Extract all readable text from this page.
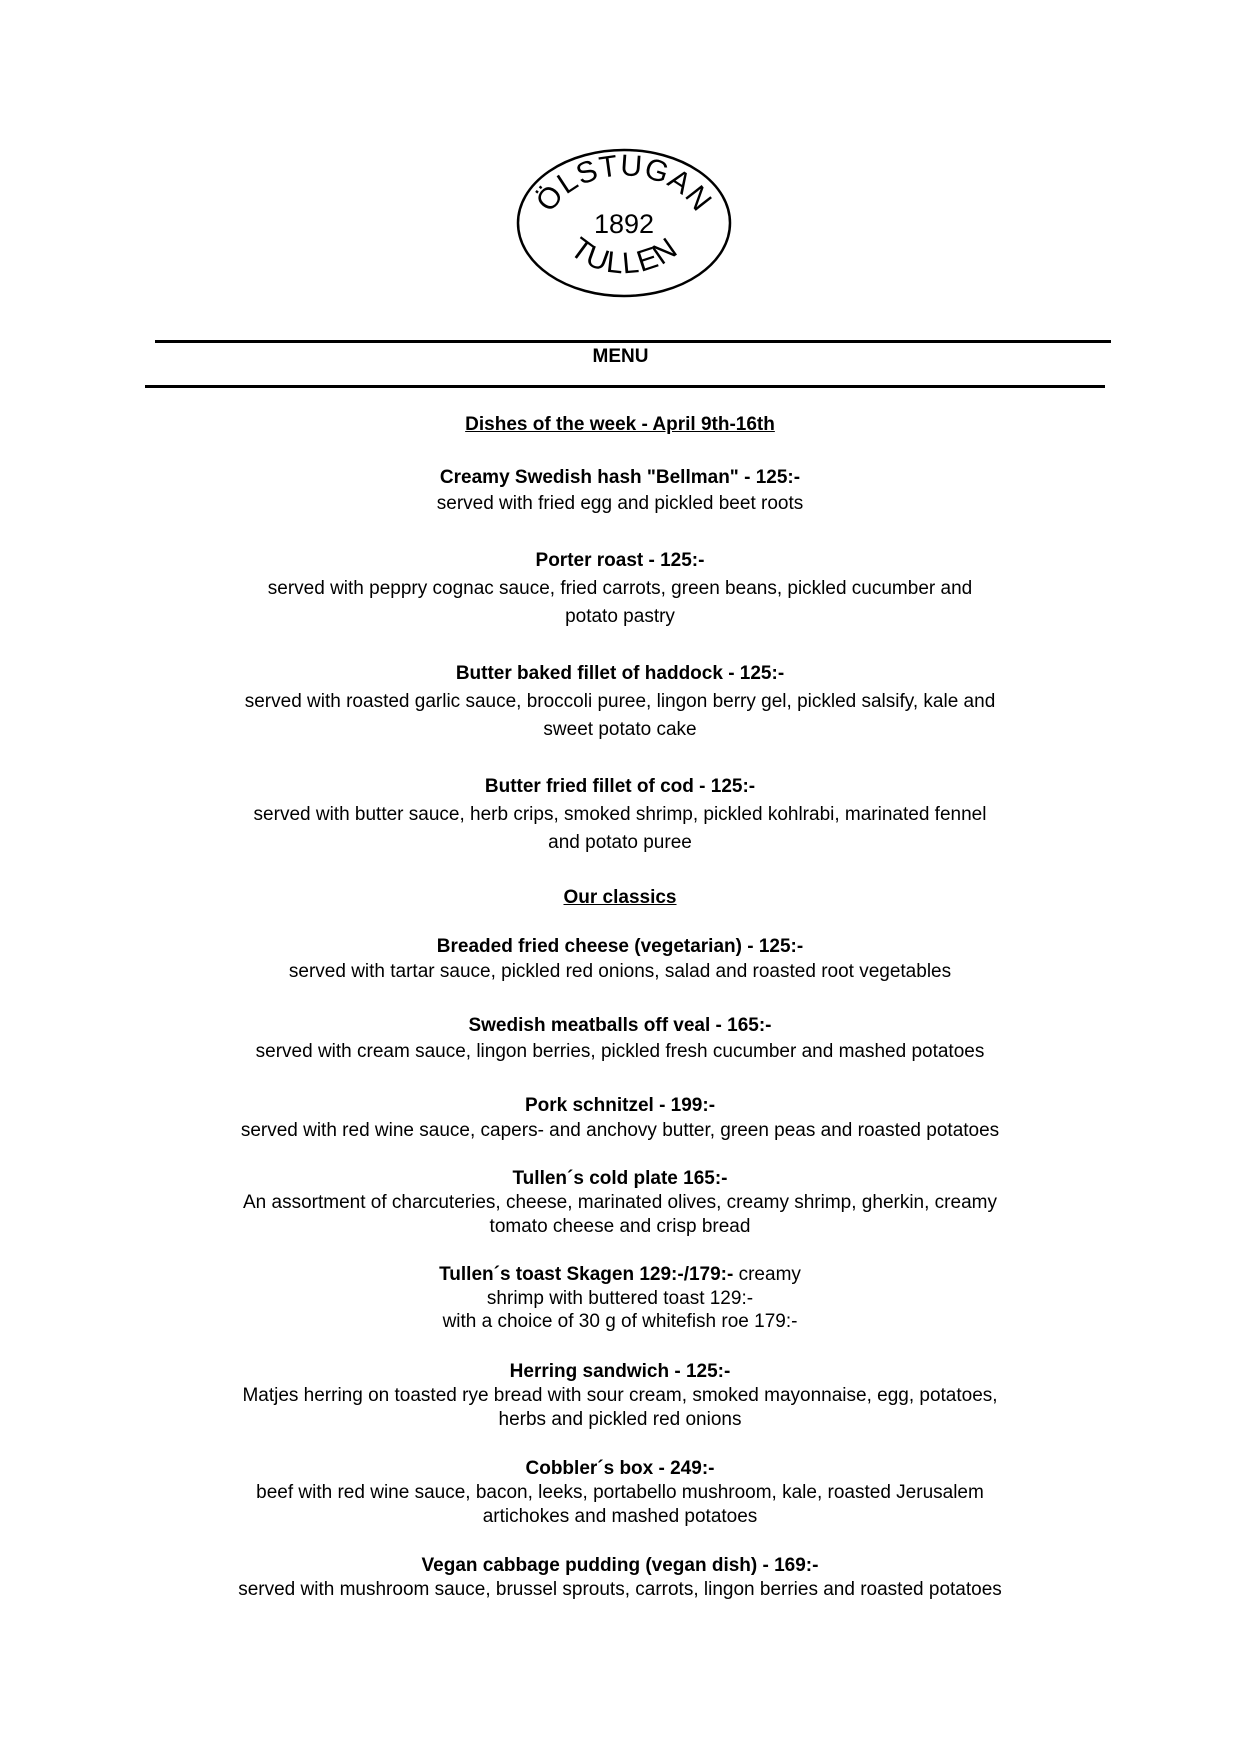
ÖLSTUGAN
1892
TULLEN
MENU
Dishes of the week - April 9th-16th
Creamy Swedish hash "Bellman" - 125:-
served with fried egg and pickled beet roots
Porter roast - 125:-
served with peppry cognac sauce, fried carrots, green beans, pickled cucumber and
potato pastry
Butter baked fillet of haddock - 125:-
served with roasted garlic sauce, broccoli puree, lingon berry gel, pickled salsify, kale and
sweet potato cake
Butter fried fillet of cod - 125:-
served with butter sauce, herb crips, smoked shrimp, pickled kohlrabi, marinated fennel
and potato puree
Our classics
Breaded fried cheese (vegetarian) - 125:-
served with tartar sauce, pickled red onions, salad and roasted root vegetables
Swedish meatballs off veal - 165:-
served with cream sauce, lingon berries, pickled fresh cucumber and mashed potatoes
Pork schnitzel - 199:-
served with red wine sauce, capers- and anchovy butter, green peas and roasted potatoes
Tullen´s cold plate 165:-
An assortment of charcuteries, cheese, marinated olives, creamy shrimp, gherkin, creamy
tomato cheese and crisp bread
Tullen´s toast Skagen 129:-/179:- creamy
shrimp with buttered toast 129:-
with a choice of 30 g of whitefish roe 179:-
Herring sandwich - 125:-
Matjes herring on toasted rye bread with sour cream, smoked mayonnaise, egg, potatoes,
herbs and pickled red onions
Cobbler´s box - 249:-
beef with red wine sauce, bacon, leeks, portabello mushroom, kale, roasted Jerusalem
artichokes and mashed potatoes
Vegan cabbage pudding (vegan dish) - 169:-
served with mushroom sauce, brussel sprouts, carrots, lingon berries and roasted potatoes
